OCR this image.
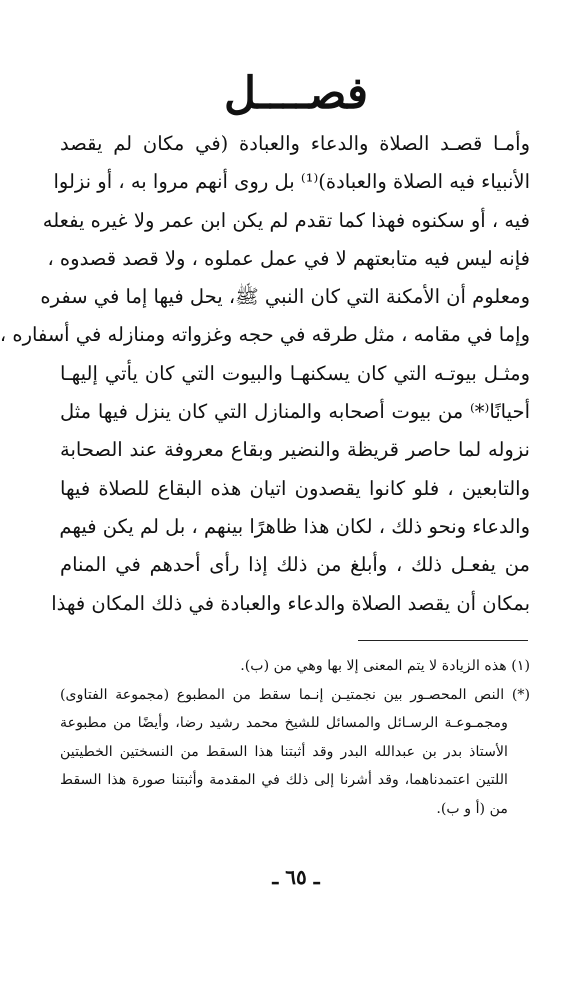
فصــــل
وأمـا قصـد الصلاة والدعاء والعبادة (في مكان لم يقصد
الأنبياء فيه الصلاة والعبادة)⁽¹⁾ بل روى أنهم مروا به ، أو نزلوا
فيه ، أو سكنوه فهذا كما تقدم لم يكن ابن عمر ولا غيره يفعله
فإنه ليس فيه متابعتهم لا في عمل عملوه ، ولا قصد قصدوه ،
ومعلوم أن الأمكنة التي كان النبي ﷺ، يحل فيها إما في سفره
وإما في مقامه ، مثل طرقه في حجه وغزواته ومنازله في أسفاره ،
ومثـل بيوتـه التي كان يسكنهـا والبيوت التي كان يأتي إليهـا
أحيانًا⁽*⁾ من بيوت أصحابه والمنازل التي كان ينزل فيها مثل
نزوله لما حاصر قريظة والنضير وبقاع معروفة عند الصحابة
والتابعين ، فلو كانوا يقصدون اتيان هذه البقاع للصلاة فيها
والدعاء ونحو ذلك ، لكان هذا ظاهرًا بينهم ، بل لم يكن فيهم
من يفعـل ذلك ، وأبلغ من ذلك إذا رأى أحدهم في المنام
بمكان أن يقصد الصلاة والدعاء والعبادة في ذلك المكان فهذا
(١) هذه الزيادة لا يتم المعنى إلا بها وهي من (ب).
(*) النص المحصـور بين نجمتيـن إنـما سقط من المطبوع (مجموعة الفتاوى)
ومجمـوعـة الرسـائل والمسائل للشيخ محمد رشيد رضا، وأيضًا من مطبوعة
الأستاذ بدر بن عبدالله البدر وقد أثبتنا هذا السقط من النسختين الخطيتين
اللتين اعتمدناهما، وقد أشرنا إلى ذلك في المقدمة وأثبتنا صورة هذا السقط
من (أ و ب).
ـ ٦٥ ـ
